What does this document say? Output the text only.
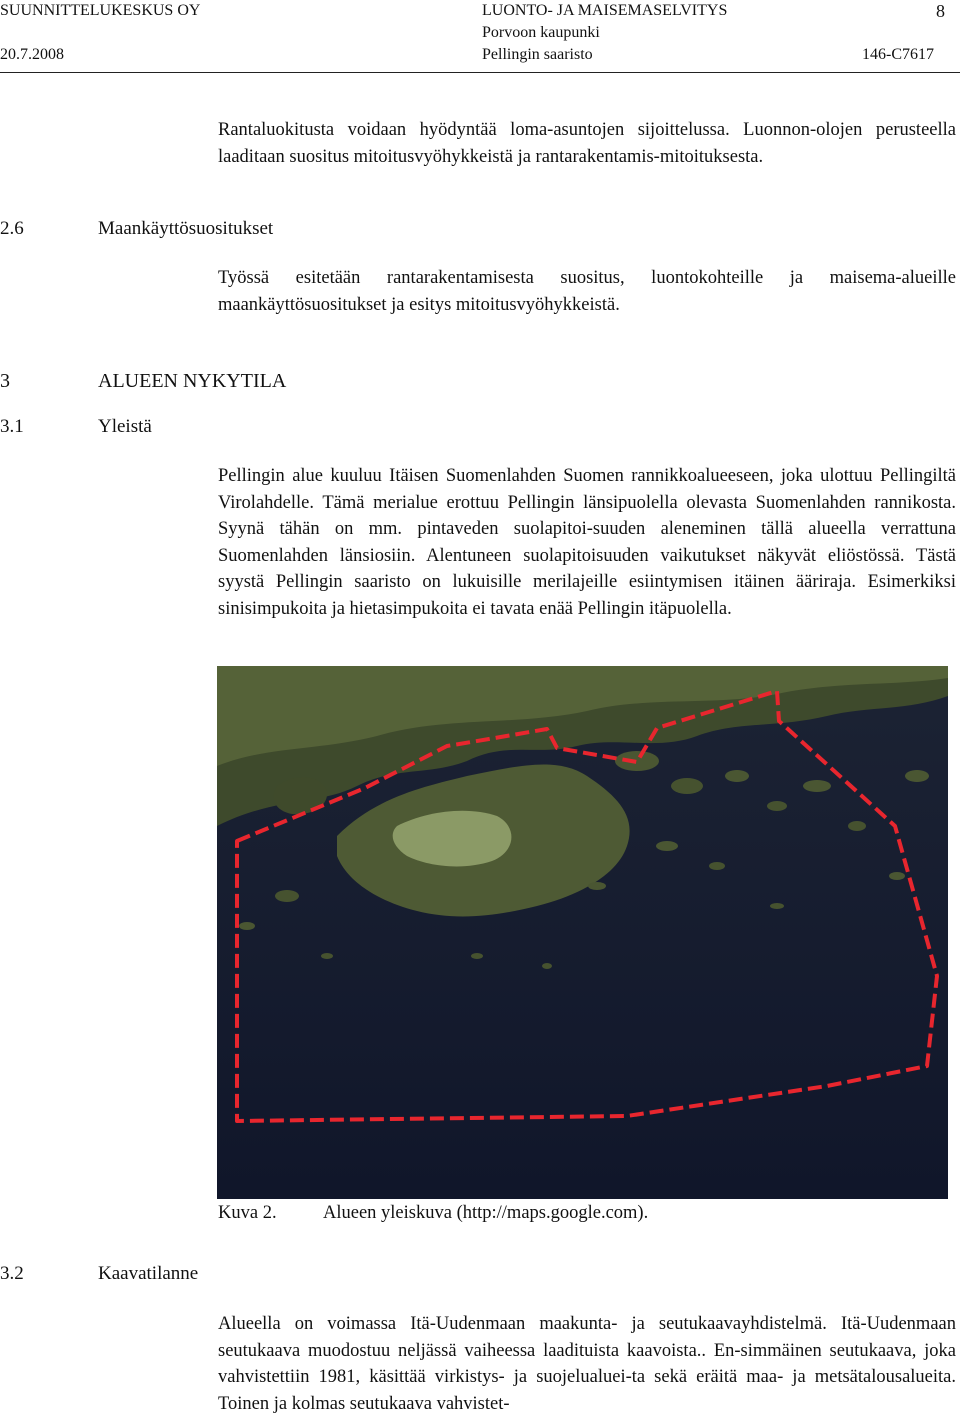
SUUNNITTELUKESKUS OY
20.7.2008
LUONTO- JA MAISEMASELVITYS
Porvoon kaupunki
Pellingin saaristo
8
146-C7617
Rantaluokitusta voidaan hyödyntää loma-asuntojen sijoittelussa. Luonnon-olojen perusteella laaditaan suositus mitoitusvyöhykkeistä ja rantarakentamis-mitoituksesta.
2.6	Maankäyttösuositukset
Työssä esitetään rantarakentamisesta suositus, luontokohteille ja maisema-alueille maankäyttösuositukset ja esitys mitoitusvyöhykkeistä.
3	ALUEEN NYKYTILA
3.1	Yleistä
Pellingin alue kuuluu Itäisen Suomenlahden Suomen rannikkoalueeseen, joka ulottuu Pellingiltä Virolahdelle. Tämä merialue erottuu Pellingin länsipuolella olevasta Suomenlahden rannikosta. Syynä tähän on mm. pintaveden suolapitoi-suuden aleneminen tällä alueella verrattuna Suomenlahden länsiosiin. Alentuneen suolapitoisuuden vaikutukset näkyvät eliöstössä. Tästä syystä Pellingin saaristo on lukuisille merilajeille esiintymisen itäinen ääriraja. Esimerkiksi sinisimpukoita ja hietasimpukoita ei tavata enää Pellingin itäpuolella.
Kuva 2.	Alueen yleiskuva (http://maps.google.com).
3.2	Kaavatilanne
Alueella on voimassa Itä-Uudenmaan maakunta- ja seutukaavayhdistelmä. Itä-Uudenmaan seutukaava muodostuu neljässä vaiheessa laadituista kaavoista.. En-simmäinen seutukaava, joka vahvistettiin 1981, käsittää virkistys- ja suojelualuei-ta sekä eräitä maa- ja metsätalousalueita. Toinen ja kolmas seutukaava vahvistet-
